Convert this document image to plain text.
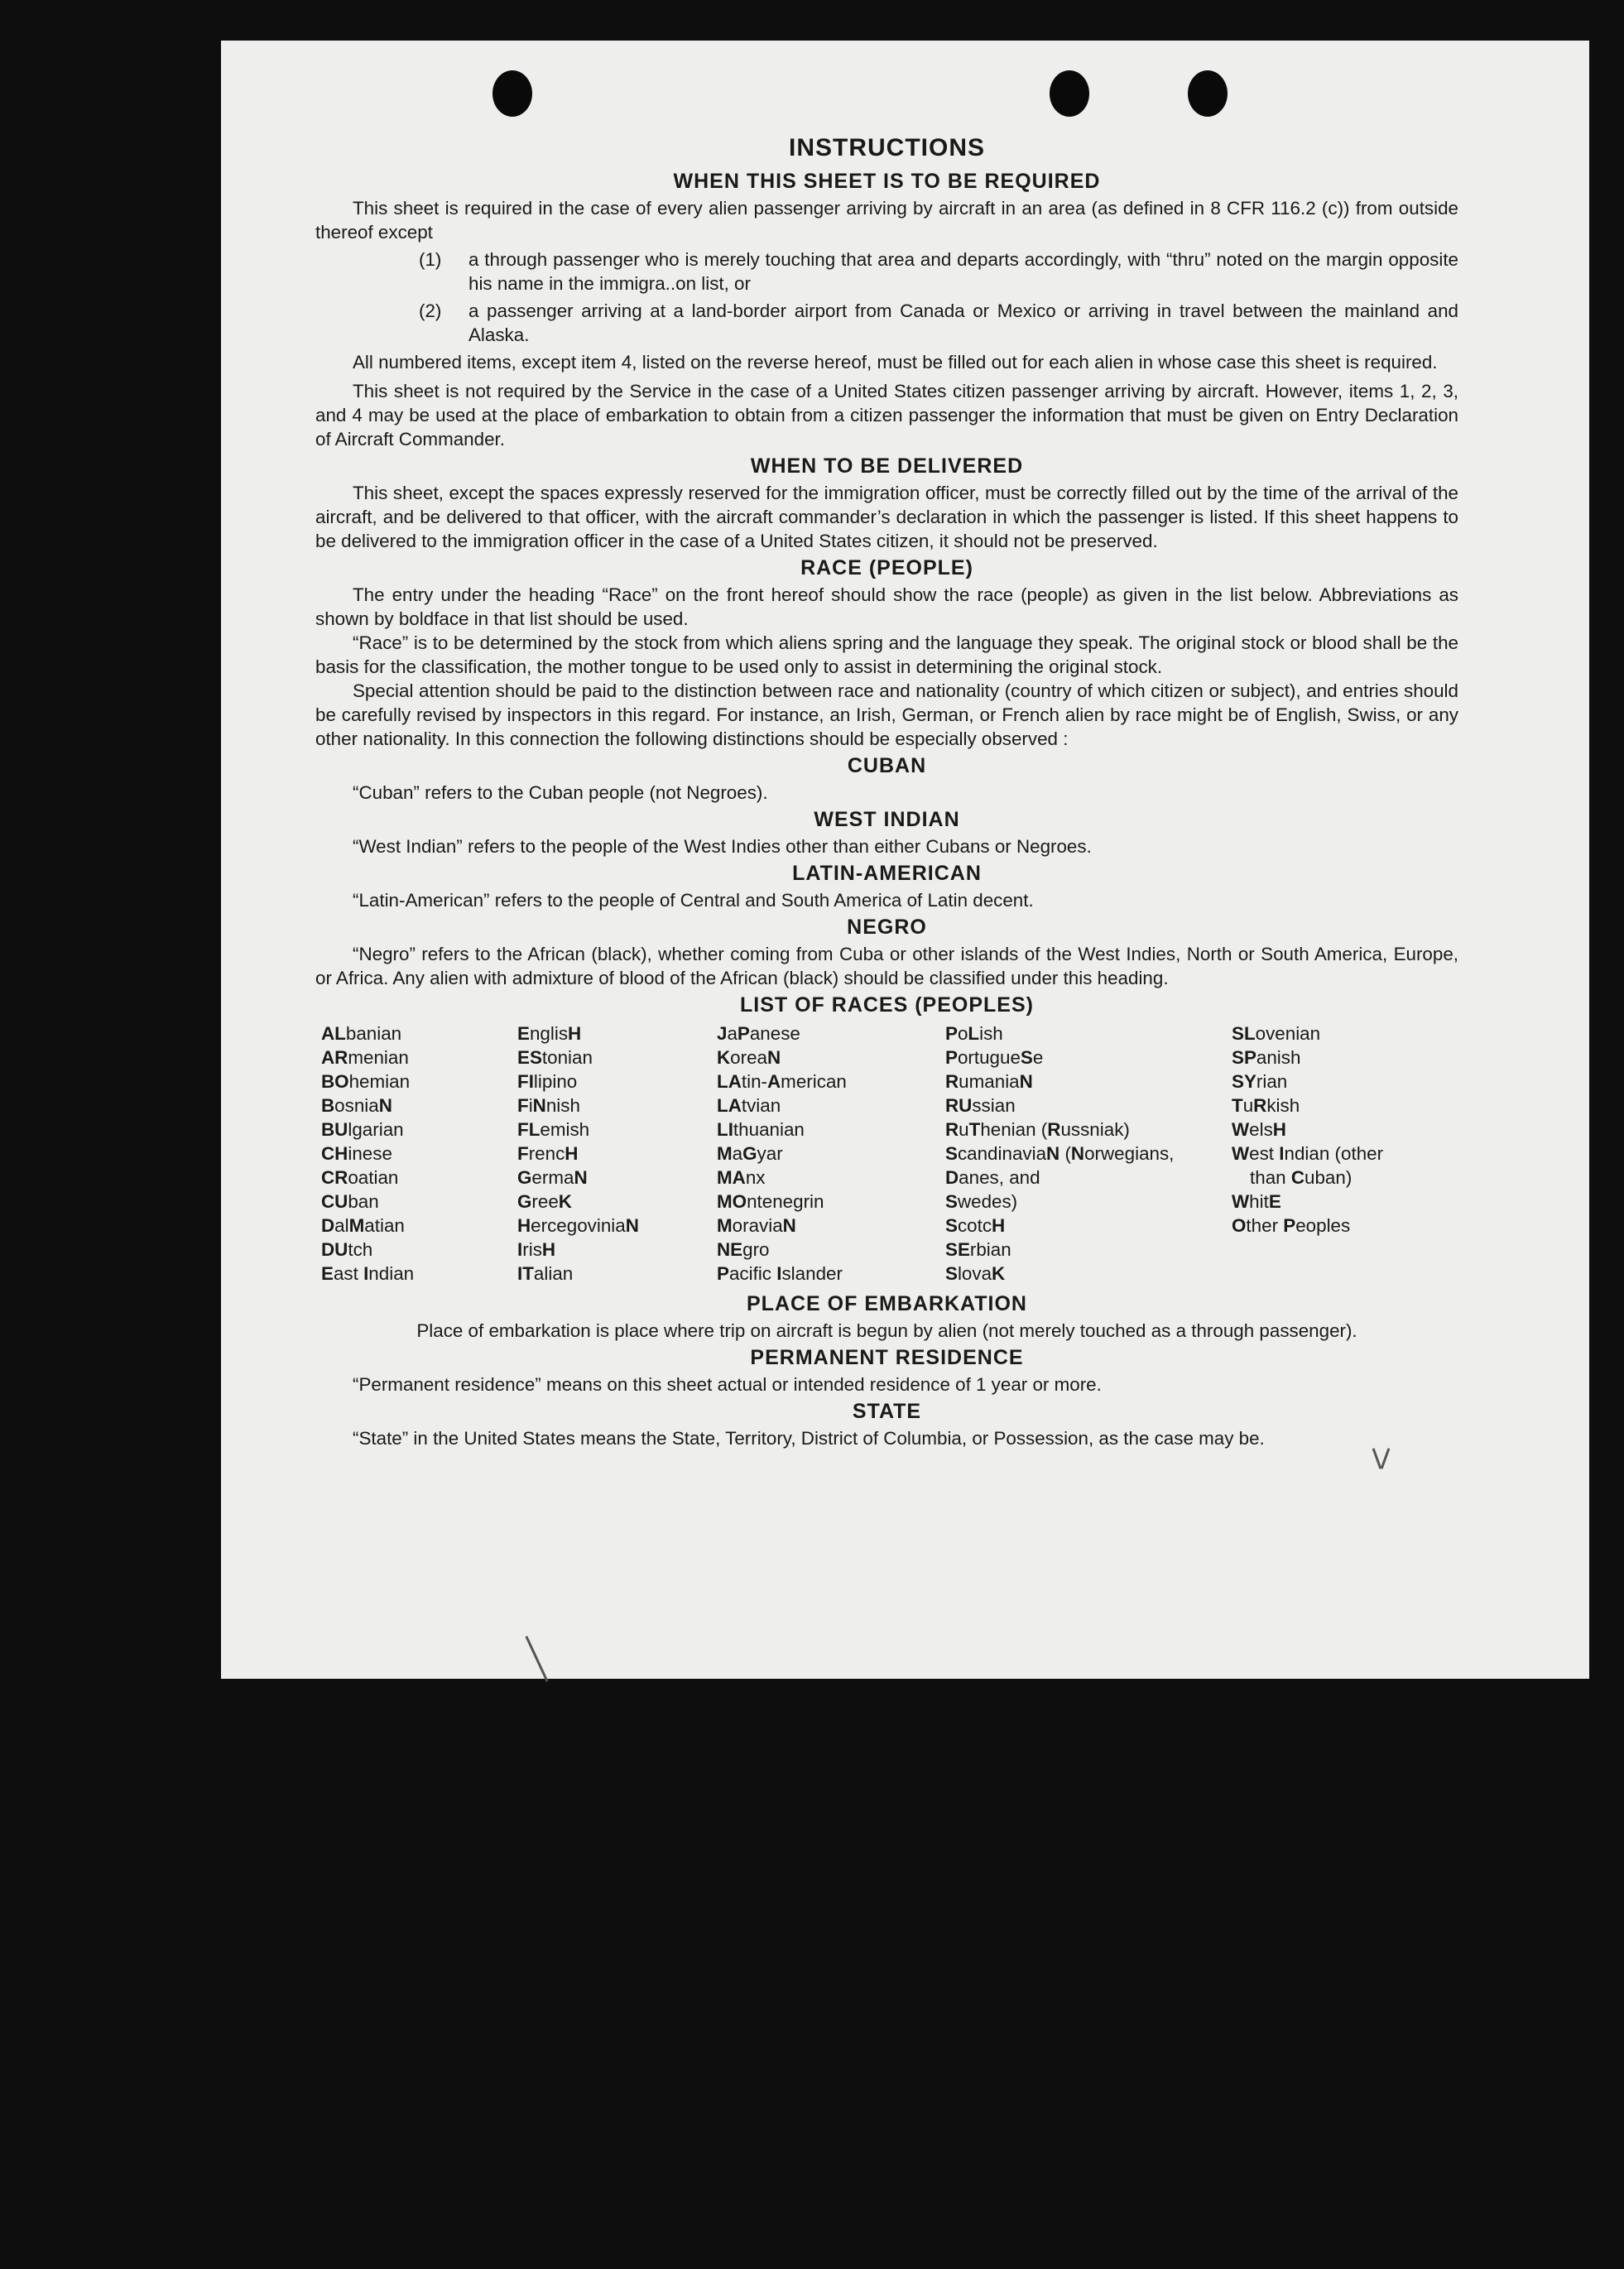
INSTRUCTIONS
WHEN THIS SHEET IS TO BE REQUIRED

This sheet is required in the case of every alien passenger arriving by aircraft in an area (as defined in 8 CFR 116.2 (c)) from outside thereof except

(1)	a through passenger who is merely touching that area and departs accordingly, with “thru” noted on the margin opposite his name in the immigra..on list, or
(2)	a passenger arriving at a land-border airport from Canada or Mexico or arriving in travel between the mainland and Alaska.

All numbered items, except item 4, listed on the reverse hereof, must be filled out for each alien in whose case this sheet is required.

This sheet is not required by the Service in the case of a United States citizen passenger arriving by aircraft. However, items 1, 2, 3, and 4 may be used at the place of embarkation to obtain from a citizen passenger the information that must be given on Entry Declaration of Aircraft Commander.

WHEN TO BE DELIVERED

This sheet, except the spaces expressly reserved for the immigration officer, must be correctly filled out by the time of the arrival of the aircraft, and be delivered to that officer, with the aircraft commander’s declaration in which the passenger is listed. If this sheet happens to be delivered to the immigration officer in the case of a United States citizen, it should not be preserved.

RACE (PEOPLE)

The entry under the heading “Race” on the front hereof should show the race (people) as given in the list below. Abbreviations as shown by boldface in that list should be used.

“Race” is to be determined by the stock from which aliens spring and the language they speak. The original stock or blood shall be the basis for the classification, the mother tongue to be used only to assist in determining the original stock.

Special attention should be paid to the distinction between race and nationality (country of which citizen or subject), and entries should be carefully revised by inspectors in this regard. For instance, an Irish, German, or French alien by race might be of English, Swiss, or any other nationality. In this connection the following distinctions should be especially observed :

CUBAN

“Cuban” refers to the Cuban people (not Negroes).

WEST INDIAN

“West Indian” refers to the people of the West Indies other than either Cubans or Negroes.

LATIN-AMERICAN

“Latin-American” refers to the people of Central and South America of Latin decent.

NEGRO

“Negro” refers to the African (black), whether coming from Cuba or other islands of the West Indies, North or South America, Europe, or Africa. Any alien with admixture of blood of the African (black) should be classified under this heading.

LIST OF RACES (PEOPLES)
ALbanian
ARmenian
BOhemian
BosniaN
BUlgarian
CHinese
CRoatian
CUban
DalMatian
DUtch
East Indian
EnglisH
EStonian
FIlipino
FiNnish
FLemish
FrencH
GermaN
GreeK
HercegoviniaN
IrisH
ITalian
JaPanese
KoreaN
LAtin-American
LAtvian
LIthuanian
MaGyar
MAnx
MOntenegrin
MoraviaN
NEgro
Pacific Islander
PoLish
PortugueSe
RumaniaN
RUssian
RuThenian (Russniak)
ScandinaviaN (Norwegians,
Danes, and
Swedes)
ScotcH
SErbian
SlovaK
SLovenian
SPanish
SYrian
TuRkish
WelsH
West Indian (other
than Cuban)
WhitE
Other Peoples
PLACE OF EMBARKATION

Place of embarkation is place where trip on aircraft is begun by alien (not merely touched as a through passenger).

PERMANENT RESIDENCE

“Permanent residence” means on this sheet actual or intended residence of 1 year or more.

STATE

“State” in the United States means the State, Territory, District of Columbia, or Possession, as the case may be.
